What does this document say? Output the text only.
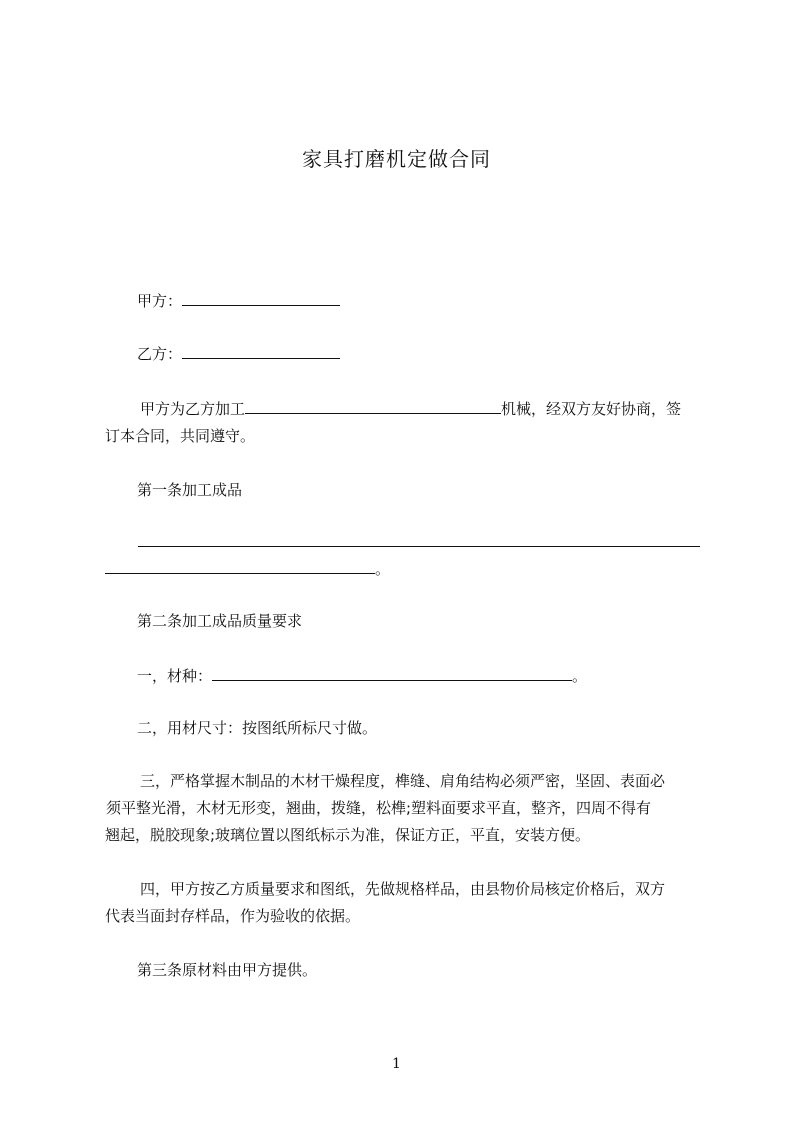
家具打磨机定做合同
甲方：
乙方：
甲方为乙方加工	机械，经双方友好协商，签
订本合同，共同遵守。
第一条加工成品
。
第二条加工成品质量要求
一，材种：	。
二，用材尺寸：按图纸所标尺寸做。
三，严格掌握木制品的木材干燥程度，榫缝、肩角结构必须严密，坚固、表面必
须平整光滑，木材无形变，翘曲，拨缝，松榫;塑料面要求平直，整齐，四周不得有
翘起，脱胶现象;玻璃位置以图纸标示为准，保证方正，平直，安装方便。
四，甲方按乙方质量要求和图纸，先做规格样品，由县物价局核定价格后，双方
代表当面封存样品，作为验收的依据。
第三条原材料由甲方提供。
1
